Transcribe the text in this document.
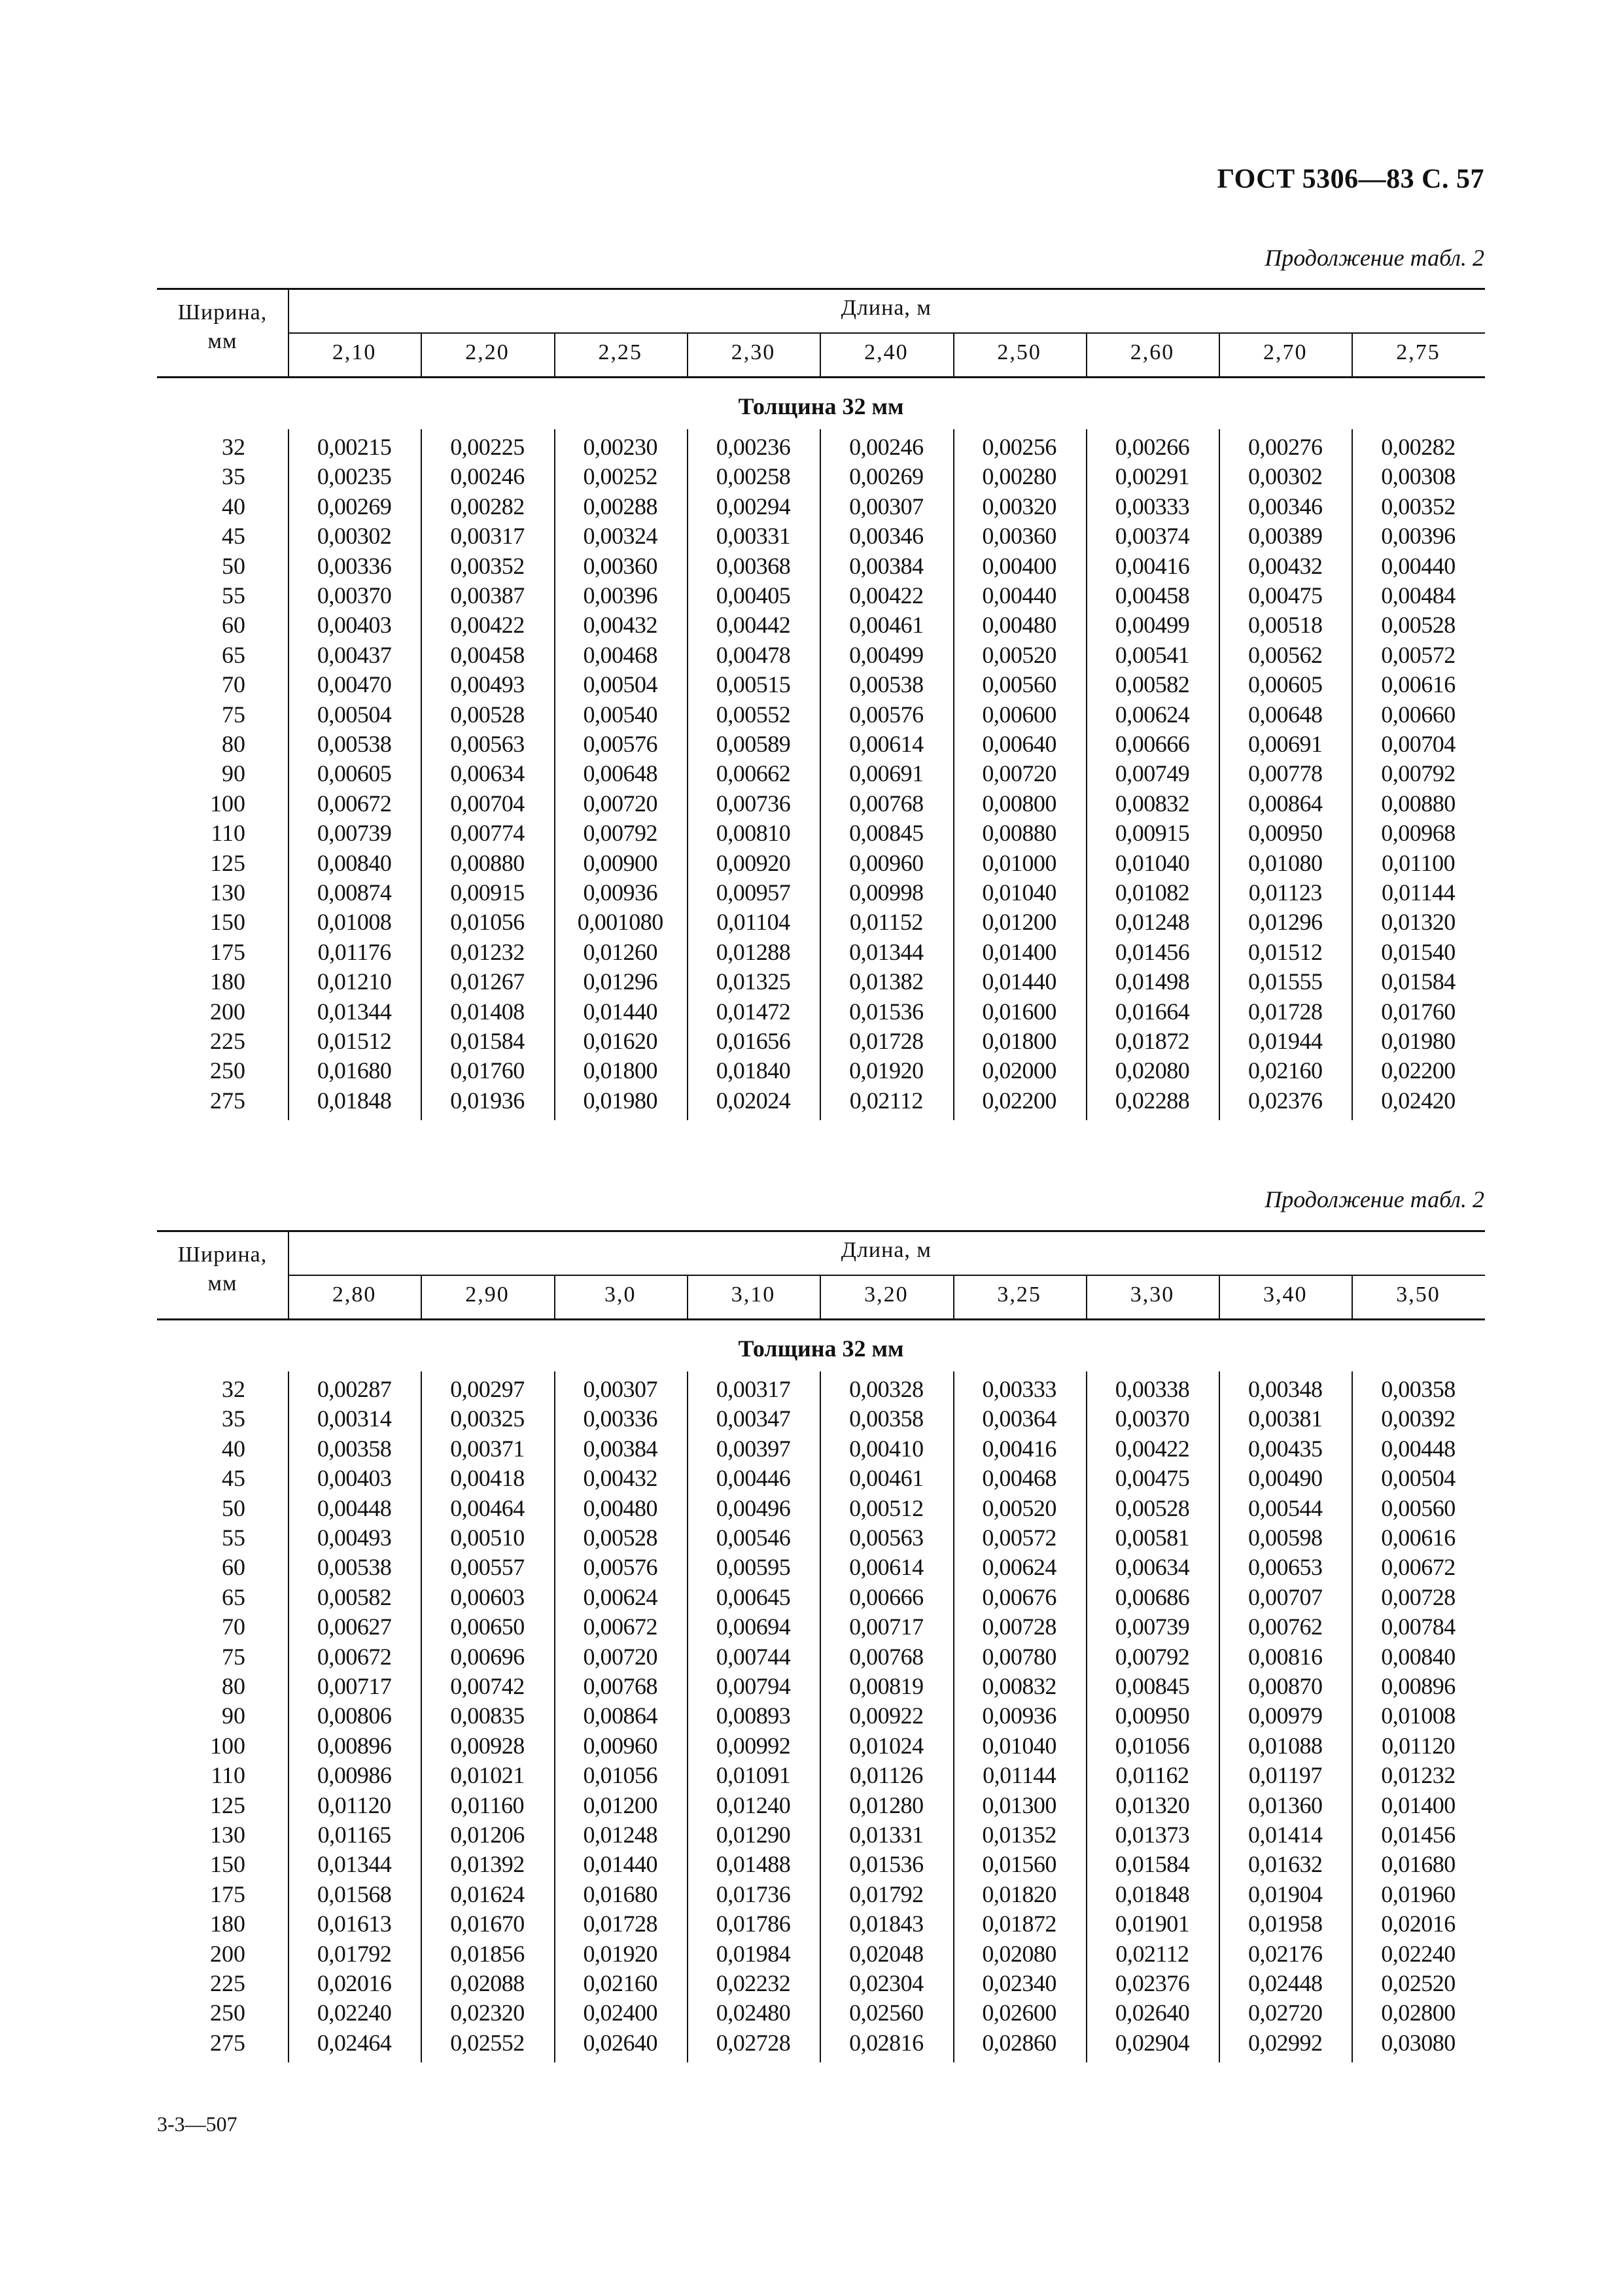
ГОСТ 5306—83 С. 57
Продолжение табл. 2
Ширина,
мм
Длина, м
2,10	2,20	2,25	2,30	2,40	2,50	2,60	2,70	2,75
Толщина 32 мм
32	0,00215	0,00225	0,00230	0,00236	0,00246	0,00256	0,00266	0,00276	0,00282
35	0,00235	0,00246	0,00252	0,00258	0,00269	0,00280	0,00291	0,00302	0,00308
40	0,00269	0,00282	0,00288	0,00294	0,00307	0,00320	0,00333	0,00346	0,00352
45	0,00302	0,00317	0,00324	0,00331	0,00346	0,00360	0,00374	0,00389	0,00396
50	0,00336	0,00352	0,00360	0,00368	0,00384	0,00400	0,00416	0,00432	0,00440
55	0,00370	0,00387	0,00396	0,00405	0,00422	0,00440	0,00458	0,00475	0,00484
60	0,00403	0,00422	0,00432	0,00442	0,00461	0,00480	0,00499	0,00518	0,00528
65	0,00437	0,00458	0,00468	0,00478	0,00499	0,00520	0,00541	0,00562	0,00572
70	0,00470	0,00493	0,00504	0,00515	0,00538	0,00560	0,00582	0,00605	0,00616
75	0,00504	0,00528	0,00540	0,00552	0,00576	0,00600	0,00624	0,00648	0,00660
80	0,00538	0,00563	0,00576	0,00589	0,00614	0,00640	0,00666	0,00691	0,00704
90	0,00605	0,00634	0,00648	0,00662	0,00691	0,00720	0,00749	0,00778	0,00792
100	0,00672	0,00704	0,00720	0,00736	0,00768	0,00800	0,00832	0,00864	0,00880
110	0,00739	0,00774	0,00792	0,00810	0,00845	0,00880	0,00915	0,00950	0,00968
125	0,00840	0,00880	0,00900	0,00920	0,00960	0,01000	0,01040	0,01080	0,01100
130	0,00874	0,00915	0,00936	0,00957	0,00998	0,01040	0,01082	0,01123	0,01144
150	0,01008	0,01056	0,001080	0,01104	0,01152	0,01200	0,01248	0,01296	0,01320
175	0,01176	0,01232	0,01260	0,01288	0,01344	0,01400	0,01456	0,01512	0,01540
180	0,01210	0,01267	0,01296	0,01325	0,01382	0,01440	0,01498	0,01555	0,01584
200	0,01344	0,01408	0,01440	0,01472	0,01536	0,01600	0,01664	0,01728	0,01760
225	0,01512	0,01584	0,01620	0,01656	0,01728	0,01800	0,01872	0,01944	0,01980
250	0,01680	0,01760	0,01800	0,01840	0,01920	0,02000	0,02080	0,02160	0,02200
275	0,01848	0,01936	0,01980	0,02024	0,02112	0,02200	0,02288	0,02376	0,02420
Продолжение табл. 2
Ширина,
мм
Длина, м
2,80	2,90	3,0	3,10	3,20	3,25	3,30	3,40	3,50
Толщина 32 мм
32	0,00287	0,00297	0,00307	0,00317	0,00328	0,00333	0,00338	0,00348	0,00358
35	0,00314	0,00325	0,00336	0,00347	0,00358	0,00364	0,00370	0,00381	0,00392
40	0,00358	0,00371	0,00384	0,00397	0,00410	0,00416	0,00422	0,00435	0,00448
45	0,00403	0,00418	0,00432	0,00446	0,00461	0,00468	0,00475	0,00490	0,00504
50	0,00448	0,00464	0,00480	0,00496	0,00512	0,00520	0,00528	0,00544	0,00560
55	0,00493	0,00510	0,00528	0,00546	0,00563	0,00572	0,00581	0,00598	0,00616
60	0,00538	0,00557	0,00576	0,00595	0,00614	0,00624	0,00634	0,00653	0,00672
65	0,00582	0,00603	0,00624	0,00645	0,00666	0,00676	0,00686	0,00707	0,00728
70	0,00627	0,00650	0,00672	0,00694	0,00717	0,00728	0,00739	0,00762	0,00784
75	0,00672	0,00696	0,00720	0,00744	0,00768	0,00780	0,00792	0,00816	0,00840
80	0,00717	0,00742	0,00768	0,00794	0,00819	0,00832	0,00845	0,00870	0,00896
90	0,00806	0,00835	0,00864	0,00893	0,00922	0,00936	0,00950	0,00979	0,01008
100	0,00896	0,00928	0,00960	0,00992	0,01024	0,01040	0,01056	0,01088	0,01120
110	0,00986	0,01021	0,01056	0,01091	0,01126	0,01144	0,01162	0,01197	0,01232
125	0,01120	0,01160	0,01200	0,01240	0,01280	0,01300	0,01320	0,01360	0,01400
130	0,01165	0,01206	0,01248	0,01290	0,01331	0,01352	0,01373	0,01414	0,01456
150	0,01344	0,01392	0,01440	0,01488	0,01536	0,01560	0,01584	0,01632	0,01680
175	0,01568	0,01624	0,01680	0,01736	0,01792	0,01820	0,01848	0,01904	0,01960
180	0,01613	0,01670	0,01728	0,01786	0,01843	0,01872	0,01901	0,01958	0,02016
200	0,01792	0,01856	0,01920	0,01984	0,02048	0,02080	0,02112	0,02176	0,02240
225	0,02016	0,02088	0,02160	0,02232	0,02304	0,02340	0,02376	0,02448	0,02520
250	0,02240	0,02320	0,02400	0,02480	0,02560	0,02600	0,02640	0,02720	0,02800
275	0,02464	0,02552	0,02640	0,02728	0,02816	0,02860	0,02904	0,02992	0,03080
3-3—507
